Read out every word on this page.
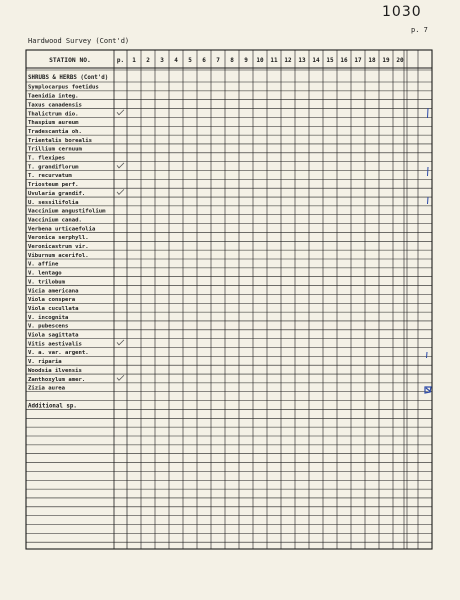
1030
p. 7
Hardwood Survey (Cont'd)
STATION NO.	p. 1 2 3 4 5 6 7 8 9 10 11 12 13 14 15 16 17 18 19 20
SHRUBS & HERBS (Cont'd)
Symplocarpus foetidus
Taenidia integ.
Taxus canadensis
Thalictrum dio.
Thaspium aureum
Tradescantia oh.
Trientalis borealis
Trillium cernuum
T. flexipes
T. grandiflorum
T. recurvatum
Triosteum perf.
Uvularia grandif.
U. sessilifolia
Vaccinium angustifolium
Vaccinium canad.
Verbena urticaefolia
Veronica serphyll.
Veronicastrum vir.
Viburnum acerifol.
V. affine
V. lentago
V. trilobum
Vicia americana
Viola conspera
Viola cucullata
V. incognita
V. pubescens
Viola sagittata
Vitis aestivalis
V. a. var. argent.
V. riparia
Woodsia ilvensis
Zanthoxylum amer.
Zizia aurea
Additional sp.
